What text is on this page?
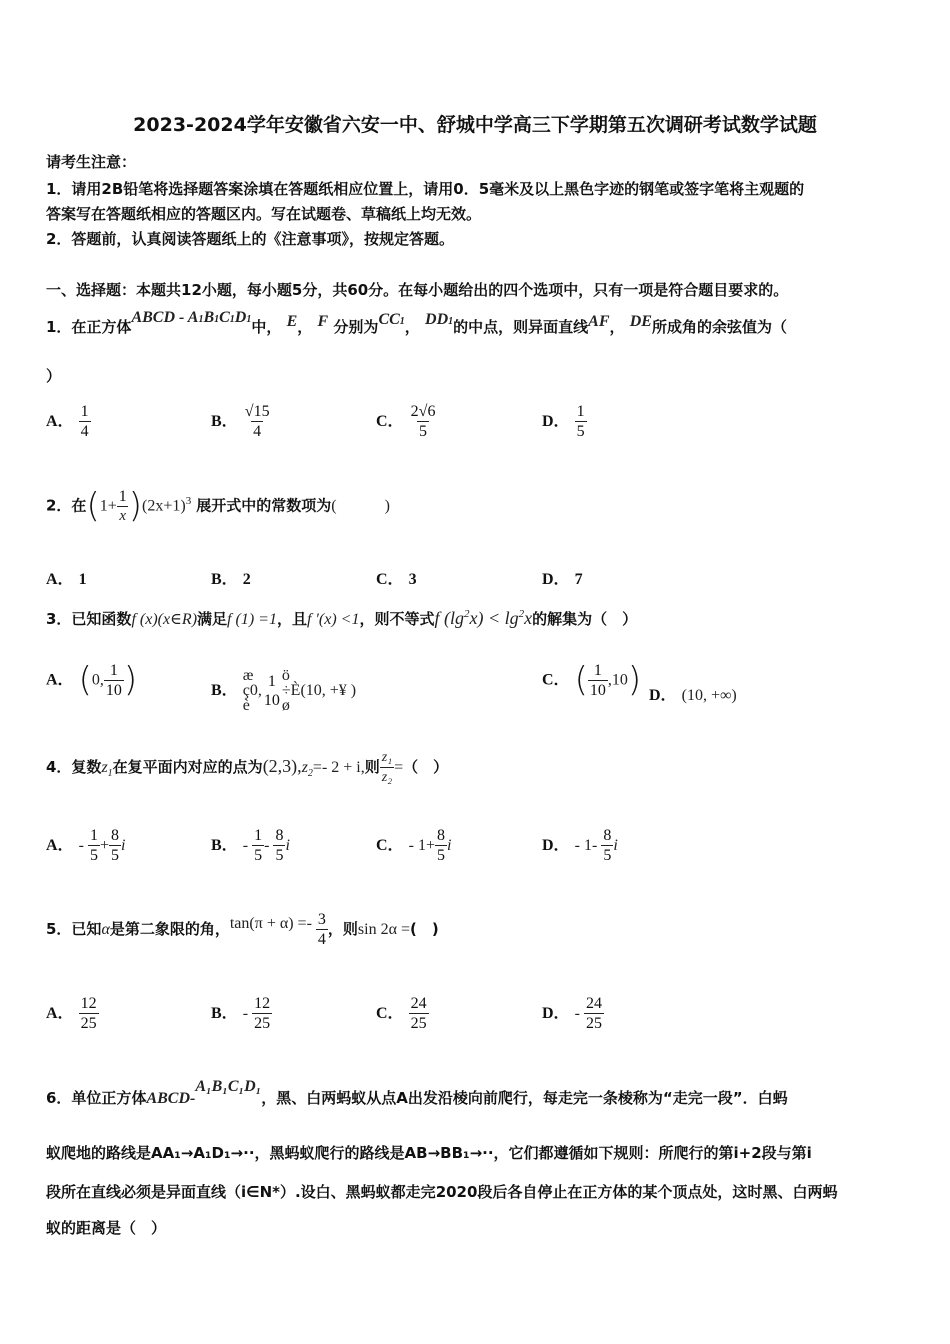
2023-2024学年安徽省六安一中、舒城中学高三下学期第五次调研考试数学试题
请考生注意：
1．请用2B铅笔将选择题答案涂填在答题纸相应位置上，请用0．5毫米及以上黑色字迹的钢笔或签字笔将主观题的
答案写在答题纸相应的答题区内。写在试题卷、草稿纸上均无效。
2．答题前，认真阅读答题纸上的《注意事项》，按规定答题。
一、选择题：本题共12小题，每小题5分，共60分。在每小题给出的四个选项中，只有一项是符合题目要求的。
1．在正方体ABCD - A1B1C1D1中， E， F 分别为CC1， DD1的中点，则异面直线AF， DE所成角的余弦值为（
）
A． $\frac{1}{4}$	B． $\frac{√15}{4}$	C． $\frac{2√6}{5}$	D． $\frac{1}{5}$
2．在$(1+ \frac{1}{x} )(2x+1)^3$ 展开式中的常数项为(　　　)
A． 1	B． 2	C． 3	D． 7
3．已知函数f (x)(x∈R)满足f (1) =1，且f ′(x) <1，则不等式f $(\lg^2x) < \lg^2x$的解集为（　）
A． (0, $\frac{1}{10}$ )	B．
æ
ç0,
è
1
10
ö
÷È
ø
(10, +¥ )
C． ( $\frac{1}{10} ,10$) D． (10, +∞)
4．复数$z_1$在复平面内对应的点为$(2,3),z_2=-$ 2 + i,则 $\frac{\text{z₁}}{\text{z₂}}$ =（　）
A． - $\frac{1}{5} + \frac{8}{5}$ i	B． - $\frac{1}{5} - \frac{8}{5}$ i	C． - $1+ \frac{8}{5}$ i	D． - $1- \frac{8}{5}$ i
5．已知α是第二象限的角，$\tan(\pi + \alpha) =- \frac{3}{4}$ ，则sin 2α =(　)
A． $\frac{12}{25}$	B． - $\frac{12}{25}$	C． $\frac{24}{25}$	D． - $\frac{24}{25}$
6．单位正方体ABCD-A₁B₁C₁D₁，黑、白两蚂蚁从点A出发沿棱向前爬行，每走完一条棱称为“走完一段”．白蚂
蚁爬地的路线是AA₁→A₁D₁→··，黑蚂蚁爬行的路线是AB→BB₁→··，它们都遵循如下规则：所爬行的第i+2段与第i
段所在直线必须是异面直线（i∈N*）.设白、黑蚂蚁都走完2020段后各自停止在正方体的某个顶点处，这时黑、白两蚂
蚁的距离是（　）
